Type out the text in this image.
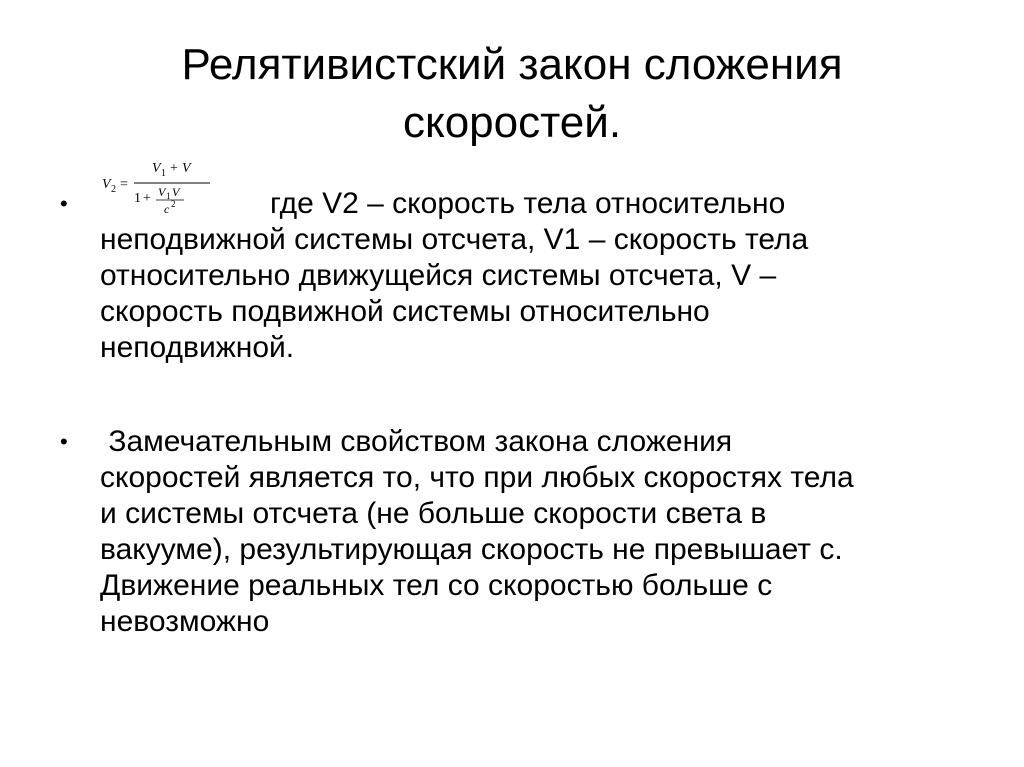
Релятивистский закон сложения
скоростей.
V 2 =
V 1 + V
1 + V 1 V
c 2
•	где V2 – скорость тела относительно
неподвижной системы отсчета, V1 – скорость тела
относительно движущейся системы отсчета, V –
скорость подвижной системы относительно
неподвижной.
• Замечательным свойством закона сложения
скоростей является то, что при любых скоростях тела
и системы отсчета (не больше скорости света в
вакууме), результирующая скорость не превышает с.
Движение реальных тел со скоростью больше с
невозможно
